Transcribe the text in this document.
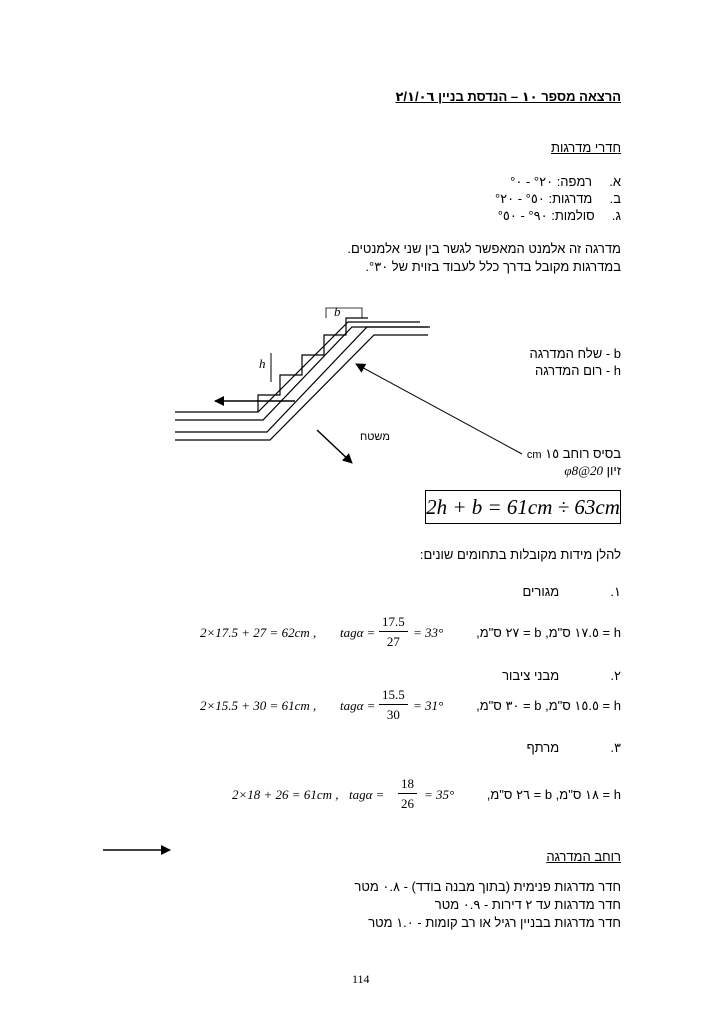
הרצאה מספר ١٠ – הנדסת בניין ٢/١/٠٦
חדרי מדרגות
א.  רמפה: ٢٠° - ٠°
ב.  מדרגות: ٥٠° - ٢٠°
ג.  סולמות: ٩٠° - ٥٠°
מדרגה זה אלמנט המאפשר לגשר בין שני אלמנטים.
במדרגות מקובל בדרך כלל לעבוד בזוית של ٣٠°.
b
h
משטח
b - שלח המדרגה
h - רום המדרגה
בסיס רוחב ١٥ cm
זיון φ8@20
2h + b = 61cm ÷ 63cm
להלן מידות מקובלות בתחומים שונים:
١.  מגורים
h = ١٧.٥ ס"מ, b = ٢٧ ס"מ,
$tag\alpha = \frac{17.5}{27} = 33^\circ$
2×17.5 + 27 = 62cm ,
٢.  מבני ציבור
h = ١٥.٥ ס"מ, b = ٣٠ ס"מ,
$tag\alpha = \frac{15.5}{30} = 31^\circ$
2×15.5 + 30 = 61cm ,
٣.  מרתף
h = ١٨ ס"מ, b = ٢٦ ס"מ,
$tag\alpha = \frac{18}{26} = 35^\circ$
2×18 + 26 = 61cm ,
רוחב המדרגה
חדר מדרגות פנימית (בתוך מבנה בודד) - ٠.٨ מטר
חדר מדרגות עד ٢ דירות - ٠.٩ מטר
חדר מדרגות בבניין רגיל או רב קומות - ١.٠ מטר
114
